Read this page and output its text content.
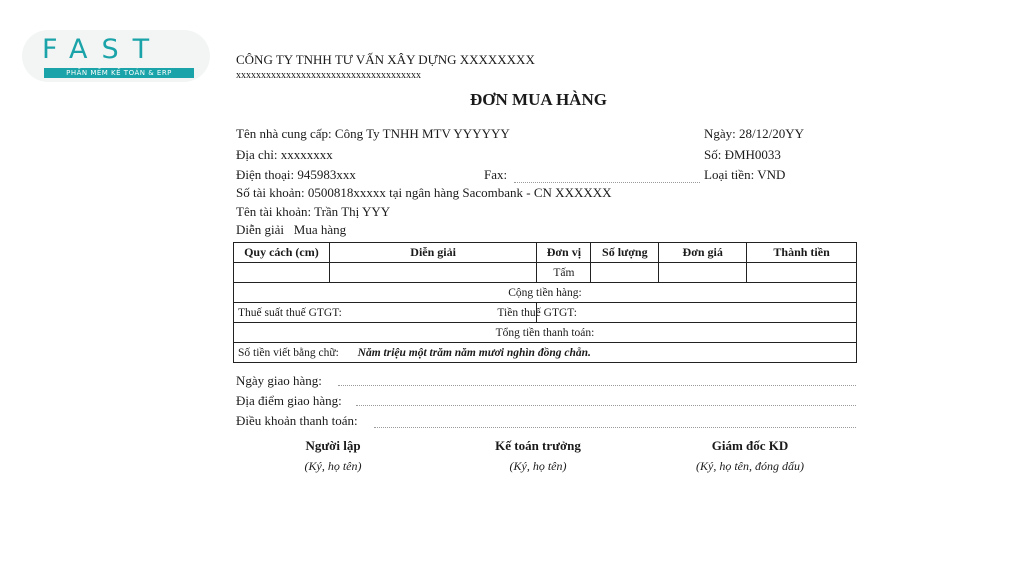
FAST
PHẦN MỀM KẾ TOÁN & ERP
CÔNG TY TNHH TƯ VẤN XÂY DỰNG XXXXXXXX
xxxxxxxxxxxxxxxxxxxxxxxxxxxxxxxxxxxxx
ĐƠN MUA HÀNG
Tên nhà cung cấp: Công Ty TNHH MTV YYYYYY
Địa chỉ: xxxxxxxx
Điện thoại: 945983xxx	Fax:
Số tài khoản: 0500818xxxxx tại ngân hàng Sacombank - CN XXXXXX
Tên tài khoản: Trần Thị YYY
Diễn giải   Mua hàng
Ngày: 28/12/20YY
Số: ĐMH0033
Loại tiền: VND
Quy cách (cm)	Diễn giải	Đơn vị	Số lượng	Đơn giá	Thành tiền
		Tấm			
Cộng tiền hàng:					
Thuế suất thuế GTGT:		Tiền thuế GTGT:			
Tổng tiền thanh toán:					
Số tiền viết bằng chữ: Năm triệu một trăm năm mươi nghìn đồng chẵn.					
Ngày giao hàng:
Địa điểm giao hàng:
Điều khoản thanh toán:
Người lập
(Ký, họ tên)
Kế toán trưởng
(Ký, họ tên)
Giám đốc KD
(Ký, họ tên, đóng dấu)
